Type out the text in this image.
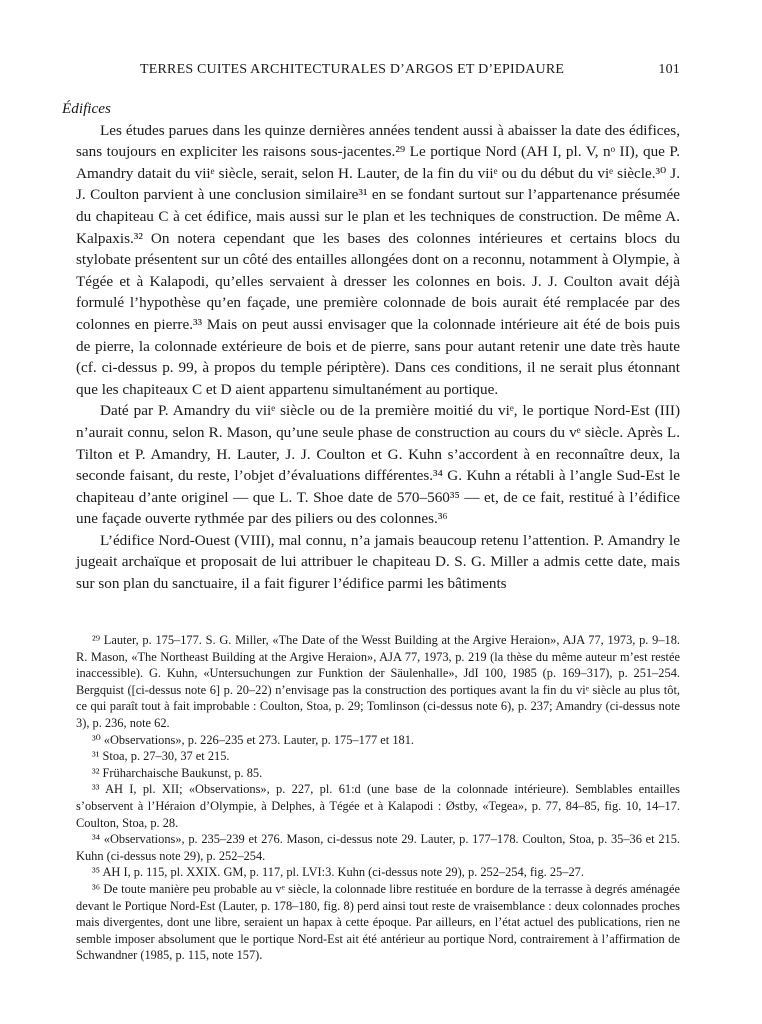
TERRES CUITES ARCHITECTURALES D’ARGOS ET D’EPIDAURE	101

Édifices

Les études parues dans les quinze dernières années tendent aussi à abaisser la date des édifices, sans toujours en expliciter les raisons sous-jacentes.²⁹ Le portique Nord (AH I, pl. V, nᵒ II), que P. Amandry datait du viiᵉ siècle, serait, selon H. Lauter, de la fin du viiᵉ ou du début du viᵉ siècle.³⁰ J. J. Coulton parvient à une conclusion similaire³¹ en se fondant surtout sur l’appartenance présumée du chapiteau C à cet édifice, mais aussi sur le plan et les techniques de construction. De même A. Kalpaxis.³² On notera cependant que les bases des colonnes intérieures et certains blocs du stylobate présentent sur un côté des entailles allongées dont on a reconnu, notamment à Olympie, à Tégée et à Kalapodi, qu’elles servaient à dresser les colonnes en bois. J. J. Coulton avait déjà formulé l’hypothèse qu’en façade, une première colonnade de bois aurait été remplacée par des colonnes en pierre.³³ Mais on peut aussi envisager que la colonnade intérieure ait été de bois puis de pierre, la colonnade extérieure de bois et de pierre, sans pour autant retenir une date très haute (cf. ci-dessus p. 99, à propos du temple périptère). Dans ces conditions, il ne serait plus étonnant que les chapiteaux C et D aient appartenu simultanément au portique.

Daté par P. Amandry du viiᵉ siècle ou de la première moitié du viᵉ, le portique Nord-Est (III) n’aurait connu, selon R. Mason, qu’une seule phase de construction au cours du vᵉ siècle. Après L. Tilton et P. Amandry, H. Lauter, J. J. Coulton et G. Kuhn s’accordent à en reconnaître deux, la seconde faisant, du reste, l’objet d’évaluations différentes.³⁴ G. Kuhn a rétabli à l’angle Sud-Est le chapiteau d’ante originel — que L. T. Shoe date de 570–560³⁵ — et, de ce fait, restitué à l’édifice une façade ouverte rythmée par des piliers ou des colonnes.³⁶

L’édifice Nord-Ouest (VIII), mal connu, n’a jamais beaucoup retenu l’attention. P. Amandry le jugeait archaïque et proposait de lui attribuer le chapiteau D. S. G. Miller a admis cette date, mais sur son plan du sanctuaire, il a fait figurer l’édifice parmi les bâtiments

²⁹ Lauter, p. 175–177. S. G. Miller, «The Date of the Wesst Building at the Argive Heraion», AJA 77, 1973, p. 9–18. R. Mason, «The Northeast Building at the Argive Heraion», AJA 77, 1973, p. 219 (la thèse du même auteur m’est restée inaccessible). G. Kuhn, «Untersuchungen zur Funktion der Säulenhalle», JdI 100, 1985 (p. 169–317), p. 251–254. Bergquist ([ci-dessus note 6] p. 20–22) n’envisage pas la construction des portiques avant la fin du viᵉ siècle au plus tôt, ce qui paraît tout à fait improbable : Coulton, Stoa, p. 29; Tomlinson (ci-dessus note 6), p. 237; Amandry (ci-dessus note 3), p. 236, note 62.

³⁰ «Observations», p. 226–235 et 273. Lauter, p. 175–177 et 181.

³¹ Stoa, p. 27–30, 37 et 215.

³² Früharchaische Baukunst, p. 85.

³³ AH I, pl. XII; «Observations», p. 227, pl. 61:d (une base de la colonnade intérieure). Semblables entailles s’observent à l’Héraion d’Olympie, à Delphes, à Tégée et à Kalapodi : Østby, «Tegea», p. 77, 84–85, fig. 10, 14–17. Coulton, Stoa, p. 28.

³⁴ «Observations», p. 235–239 et 276. Mason, ci-dessus note 29. Lauter, p. 177–178. Coulton, Stoa, p. 35–36 et 215. Kuhn (ci-dessus note 29), p. 252–254.

³⁵ AH I, p. 115, pl. XXIX. GM, p. 117, pl. LVI:3. Kuhn (ci-dessus note 29), p. 252–254, fig. 25–27.

³⁶ De toute manière peu probable au vᵉ siècle, la colonnade libre restituée en bordure de la terrasse à degrés aménagée devant le Portique Nord-Est (Lauter, p. 178–180, fig. 8) perd ainsi tout reste de vraisemblance : deux colonnades proches mais divergentes, dont une libre, seraient un hapax à cette époque. Par ailleurs, en l’état actuel des publications, rien ne semble imposer absolument que le portique Nord-Est ait été antérieur au portique Nord, contrairement à l’affirmation de Schwandner (1985, p. 115, note 157).
